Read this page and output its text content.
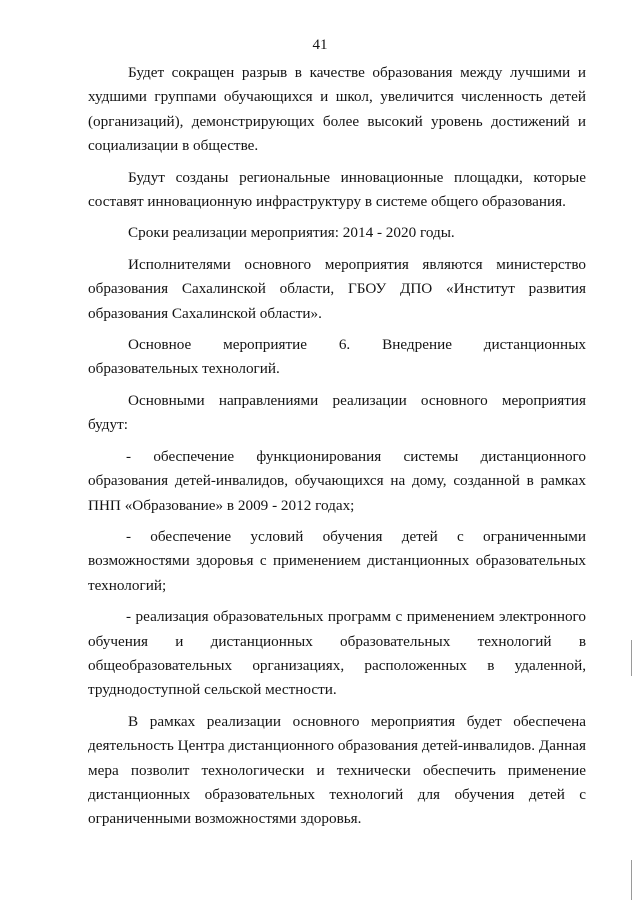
41

Будет сокращен разрыв в качестве образования между лучшими и худшими группами обучающихся и школ, увеличится численность детей (организаций), демонстрирующих более высокий уровень достижений и социализации в обществе.

Будут созданы региональные инновационные площадки, которые составят инновационную инфраструктуру в системе общего образования.

Сроки реализации мероприятия: 2014 - 2020 годы.

Исполнителями основного мероприятия являются министерство образования Сахалинской области, ГБОУ ДПО «Институт развития образования Сахалинской области».

Основное мероприятие 6. Внедрение дистанционных образовательных технологий.

Основными направлениями реализации основного мероприятия будут:

- обеспечение функционирования системы дистанционного образования детей-инвалидов, обучающихся на дому, созданной в рамках ПНП «Образование» в 2009 - 2012 годах;

- обеспечение условий обучения детей с ограниченными возможностями здоровья с применением дистанционных образовательных технологий;

- реализация образовательных программ с применением электронного обучения и дистанционных образовательных технологий в общеобразовательных организациях, расположенных в удаленной, труднодоступной сельской местности.

В рамках реализации основного мероприятия будет обеспечена деятельность Центра дистанционного образования детей-инвалидов. Данная мера позволит технологически и технически обеспечить применение дистанционных образовательных технологий для обучения детей с ограниченными возможностями здоровья.
